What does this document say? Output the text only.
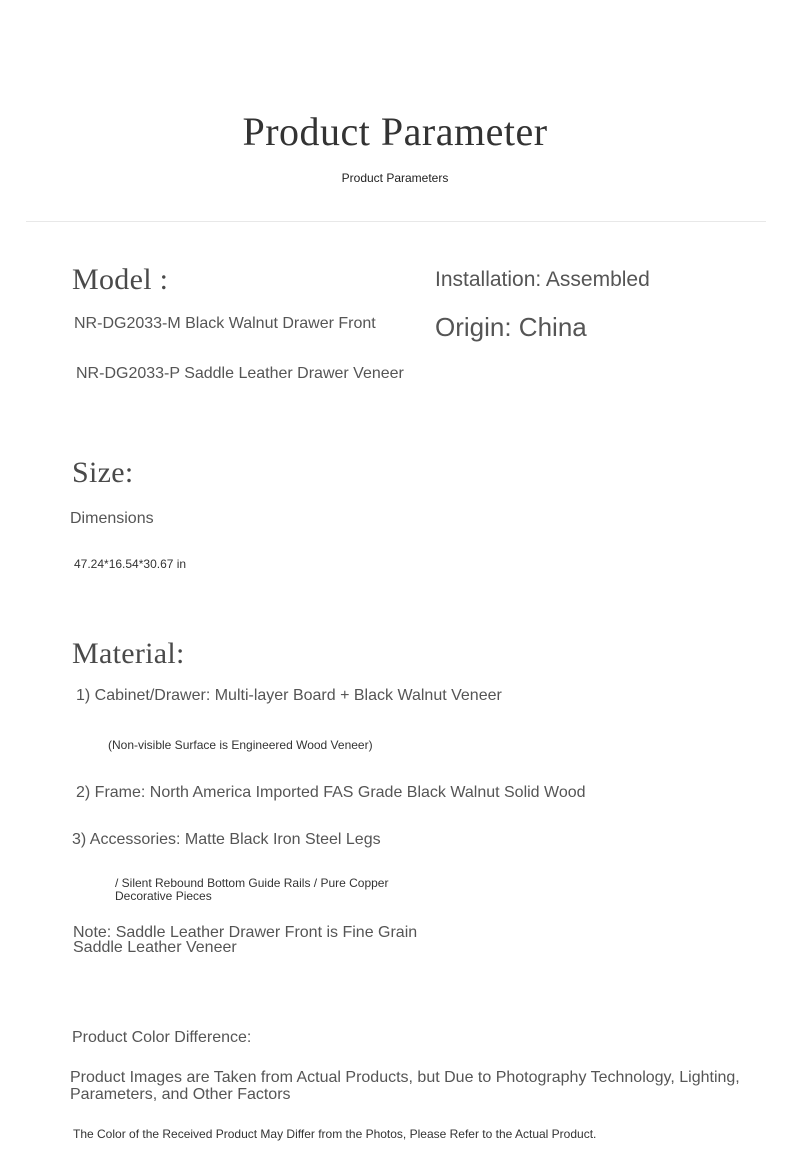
Product Parameter
Product Parameters
Model :
NR-DG2033-M Black Walnut Drawer Front
NR-DG2033-P Saddle Leather Drawer Veneer
Installation: Assembled
Origin: China
Size:
Dimensions
47.24*16.54*30.67 in
Material:
1) Cabinet/Drawer: Multi-layer Board + Black Walnut Veneer
(Non-visible Surface is Engineered Wood Veneer)
2) Frame: North America Imported FAS Grade Black Walnut Solid Wood
3) Accessories: Matte Black Iron Steel Legs
/ Silent Rebound Bottom Guide Rails / Pure Copper Decorative Pieces
Note: Saddle Leather Drawer Front is Fine Grain Saddle Leather Veneer
Product Color Difference:
Product Images are Taken from Actual Products, but Due to Photography Technology, Lighting, Parameters, and Other Factors
The Color of the Received Product May Differ from the Photos, Please Refer to the Actual Product.
